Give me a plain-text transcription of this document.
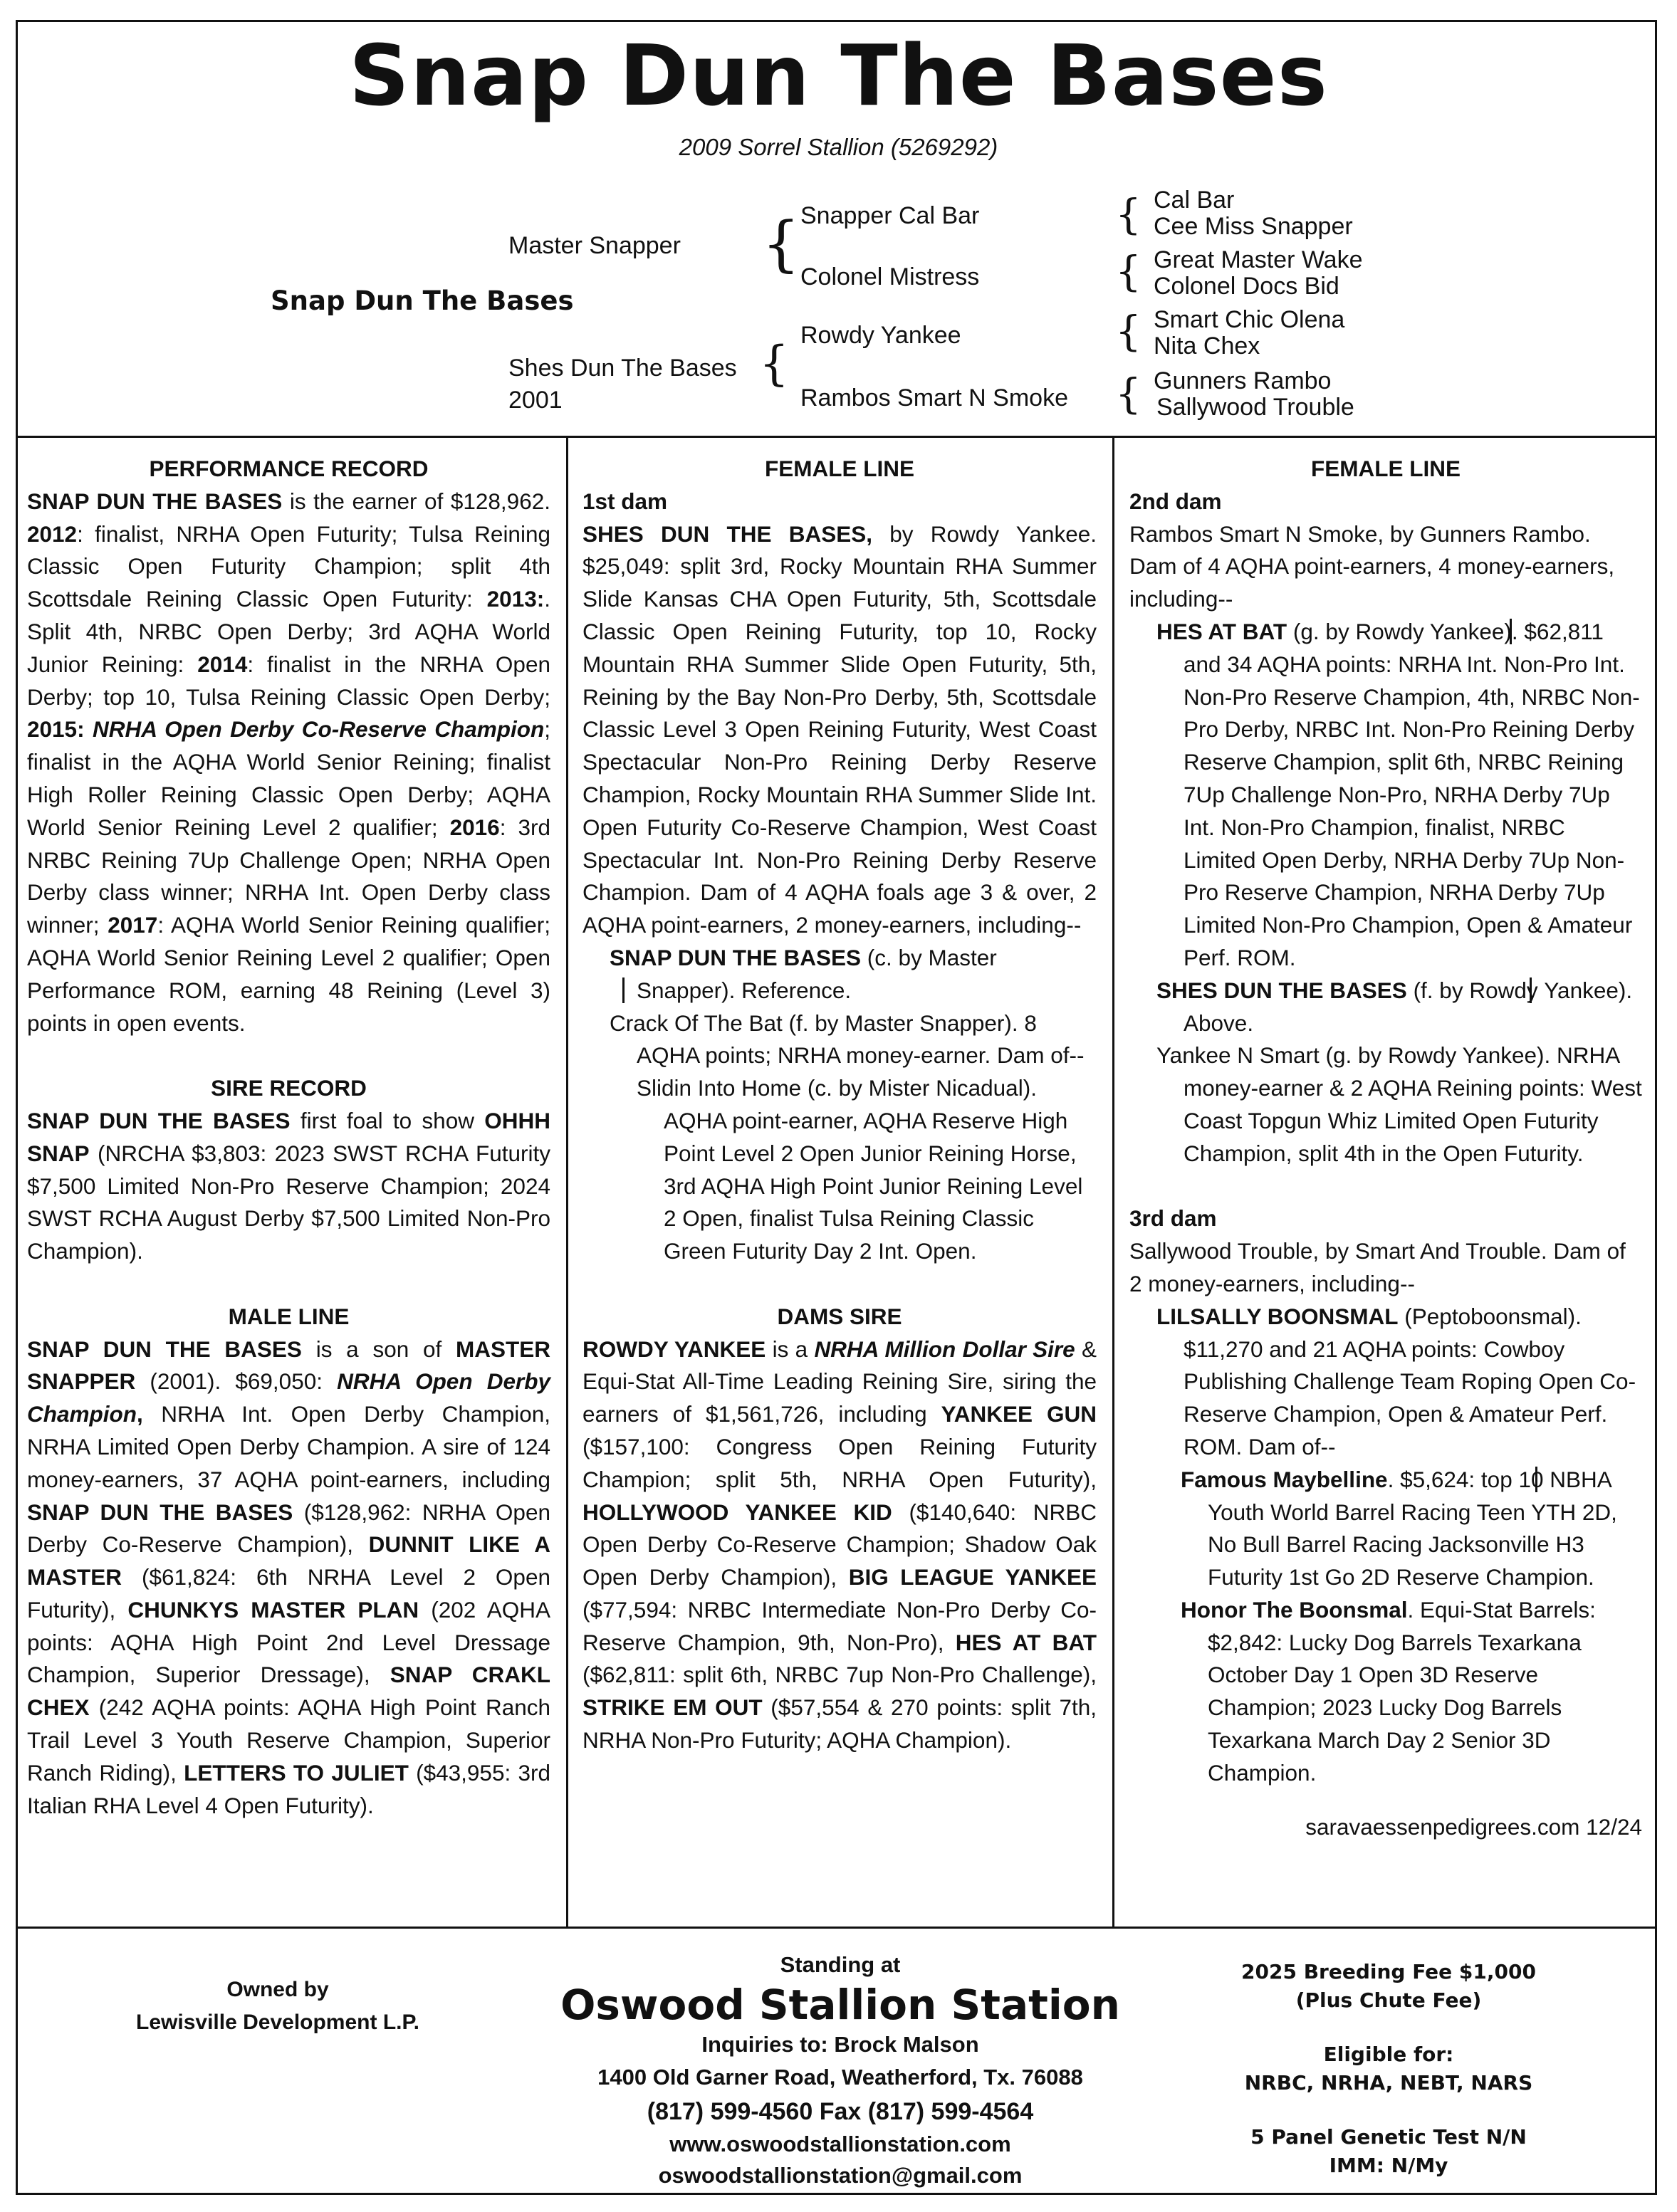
Snap Dun The Bases
2009 Sorrel Stallion (5269292)
Snap Dun The Bases
Master Snapper
Shes Dun The Bases
2001
{
{
Snapper Cal Bar
Colonel Mistress
Rowdy Yankee
Rambos Smart N Smoke
{
{
{
{
Cal Bar
Cee Miss Snapper
Great Master Wake
Colonel Docs Bid
Smart Chic Olena
Nita Chex
Gunners Rambo
Sallywood Trouble

PERFORMANCE RECORD

SNAP DUN THE BASES is the earner of $128,962. 2012: finalist, NRHA Open Futurity; Tulsa Reining Classic Open Futurity Champion; split 4th Scottsdale Reining Classic Open Futurity: 2013:. Split 4th, NRBC Open Derby; 3rd AQHA World Junior Reining: 2014: finalist in the NRHA Open Derby; top 10, Tulsa Reining Classic Open Derby; 2015: NRHA Open Derby Co-Reserve Champion; finalist in the AQHA World Senior Reining; finalist High Roller Reining Classic Open Derby; AQHA World Senior Reining Level 2 qualifier; 2016: 3rd NRBC Reining 7Up Challenge Open; NRHA Open Derby class winner; NRHA Int. Open Derby class winner; 2017: AQHA World Senior Reining qualifier; AQHA World Senior Reining Level 2 qualifier; Open Performance ROM, earning 48 Reining (Level 3) points in open events.

SIRE RECORD

SNAP DUN THE BASES first foal to show OHHH SNAP (NRCHA $3,803: 2023 SWST RCHA Futurity $7,500 Limited Non-Pro Reserve Champion; 2024 SWST RCHA August Derby $7,500 Limited Non-Pro Champion).

MALE LINE

SNAP DUN THE BASES is a son of MASTER SNAPPER (2001). $69,050: NRHA Open Derby Champion, NRHA Int. Open Derby Champion, NRHA Limited Open Derby Champion. A sire of 124 money-earners, 37 AQHA point-earners, including SNAP DUN THE BASES ($128,962: NRHA Open Derby Co-Reserve Champion), DUNNIT LIKE A MASTER ($61,824: 6th NRHA Level 2 Open Futurity), CHUNKYS MASTER PLAN (202 AQHA points: AQHA High Point 2nd Level Dressage Champion, Superior Dressage), SNAP CRAKL CHEX (242 AQHA points: AQHA High Point Ranch Trail Level 3 Youth Reserve Champion, Superior Ranch Riding), LETTERS TO JULIET ($43,955: 3rd Italian RHA Level 4 Open Futurity).

FEMALE LINE

1st dam

SHES DUN THE BASES, by Rowdy Yankee. $25,049: split 3rd, Rocky Mountain RHA Summer Slide Kansas CHA Open Futurity, 5th, Scottsdale Classic Open Reining Futurity, top 10, Rocky Mountain RHA Summer Slide Open Futurity, 5th, Reining by the Bay Non-Pro Derby, 5th, Scottsdale Classic Level 3 Open Reining Futurity, West Coast Spectacular Non-Pro Reining Derby Reserve Champion, Rocky Mountain RHA Summer Slide Int. Open Futurity Co-Reserve Champion, West Coast Spectacular Int. Non-Pro Reining Derby Reserve Champion. Dam of 4 AQHA foals age 3 & over, 2 AQHA point-earners, 2 money-earners, including--

SNAP DUN THE BASES (c. by Master Snapper). Reference.

Crack Of The Bat (f. by Master Snapper). 8 AQHA points; NRHA money-earner. Dam of--

Slidin Into Home (c. by Mister Nicadual). AQHA point-earner, AQHA Reserve High Point Level 2 Open Junior Reining Horse, 3rd AQHA High Point Junior Reining Level 2 Open, finalist Tulsa Reining Classic Green Futurity Day 2 Int. Open.

DAMS SIRE

ROWDY YANKEE is a NRHA Million Dollar Sire & Equi-Stat All-Time Leading Reining Sire, siring the earners of $1,561,726, including YANKEE GUN ($157,100: Congress Open Reining Futurity Champion; split 5th, NRHA Open Futurity), HOLLYWOOD YANKEE KID ($140,640: NRBC Open Derby Co-Reserve Champion; Shadow Oak Open Derby Champion), BIG LEAGUE YANKEE ($77,594: NRBC Intermediate Non-Pro Derby Co-Reserve Champion, 9th, Non-Pro), HES AT BAT ($62,811: split 6th, NRBC 7up Non-Pro Challenge), STRIKE EM OUT ($57,554 & 270 points: split 7th, NRHA Non-Pro Futurity; AQHA Champion).

FEMALE LINE

2nd dam

Rambos Smart N Smoke, by Gunners Rambo. Dam of 4 AQHA point-earners, 4 money-earners, including--

HES AT BAT (g. by Rowdy Yankee). $62,811 and 34 AQHA points: NRHA Int. Non-Pro Int. Non-Pro Reserve Champion, 4th, NRBC Non-Pro Derby, NRBC Int. Non-Pro Reining Derby Reserve Champion, split 6th, NRBC Reining 7Up Challenge Non-Pro, NRHA Derby 7Up Int. Non-Pro Champion, finalist, NRBC Limited Open Derby, NRHA Derby 7Up Non-Pro Reserve Champion, NRHA Derby 7Up Limited Non-Pro Champion, Open & Amateur Perf. ROM.

SHES DUN THE BASES (f. by Rowdy Yankee). Above.

Yankee N Smart (g. by Rowdy Yankee). NRHA money-earner & 2 AQHA Reining points: West Coast Topgun Whiz Limited Open Futurity Champion, split 4th in the Open Futurity.

3rd dam

Sallywood Trouble, by Smart And Trouble. Dam of 2 money-earners, including--

LILSALLY BOONSMAL (Peptoboonsmal). $11,270 and 21 AQHA points: Cowboy Publishing Challenge Team Roping Open Co-Reserve Champion, Open & Amateur Perf. ROM. Dam of--

Famous Maybelline. $5,624: top 10 NBHA Youth World Barrel Racing Teen YTH 2D, No Bull Barrel Racing Jacksonville H3 Futurity 1st Go 2D Reserve Champion.

Honor The Boonsmal. Equi-Stat Barrels: $2,842: Lucky Dog Barrels Texarkana October Day 1 Open 3D Reserve Champion; 2023 Lucky Dog Barrels Texarkana March Day 2 Senior 3D Champion.

saravaessenpedigrees.com 12/24

Owned by
Lewisville Development L.P.
Standing at
Oswood Stallion Station
Inquiries to: Brock Malson
1400 Old Garner Road, Weatherford, Tx. 76088
(817) 599-4560 Fax (817) 599-4564
www.oswoodstallionstation.com
oswoodstallionstation@gmail.com
2025 Breeding Fee $1,000
(Plus Chute Fee)
Eligible for:
NRBC, NRHA, NEBT, NARS
5 Panel Genetic Test N/N
IMM: N/My
